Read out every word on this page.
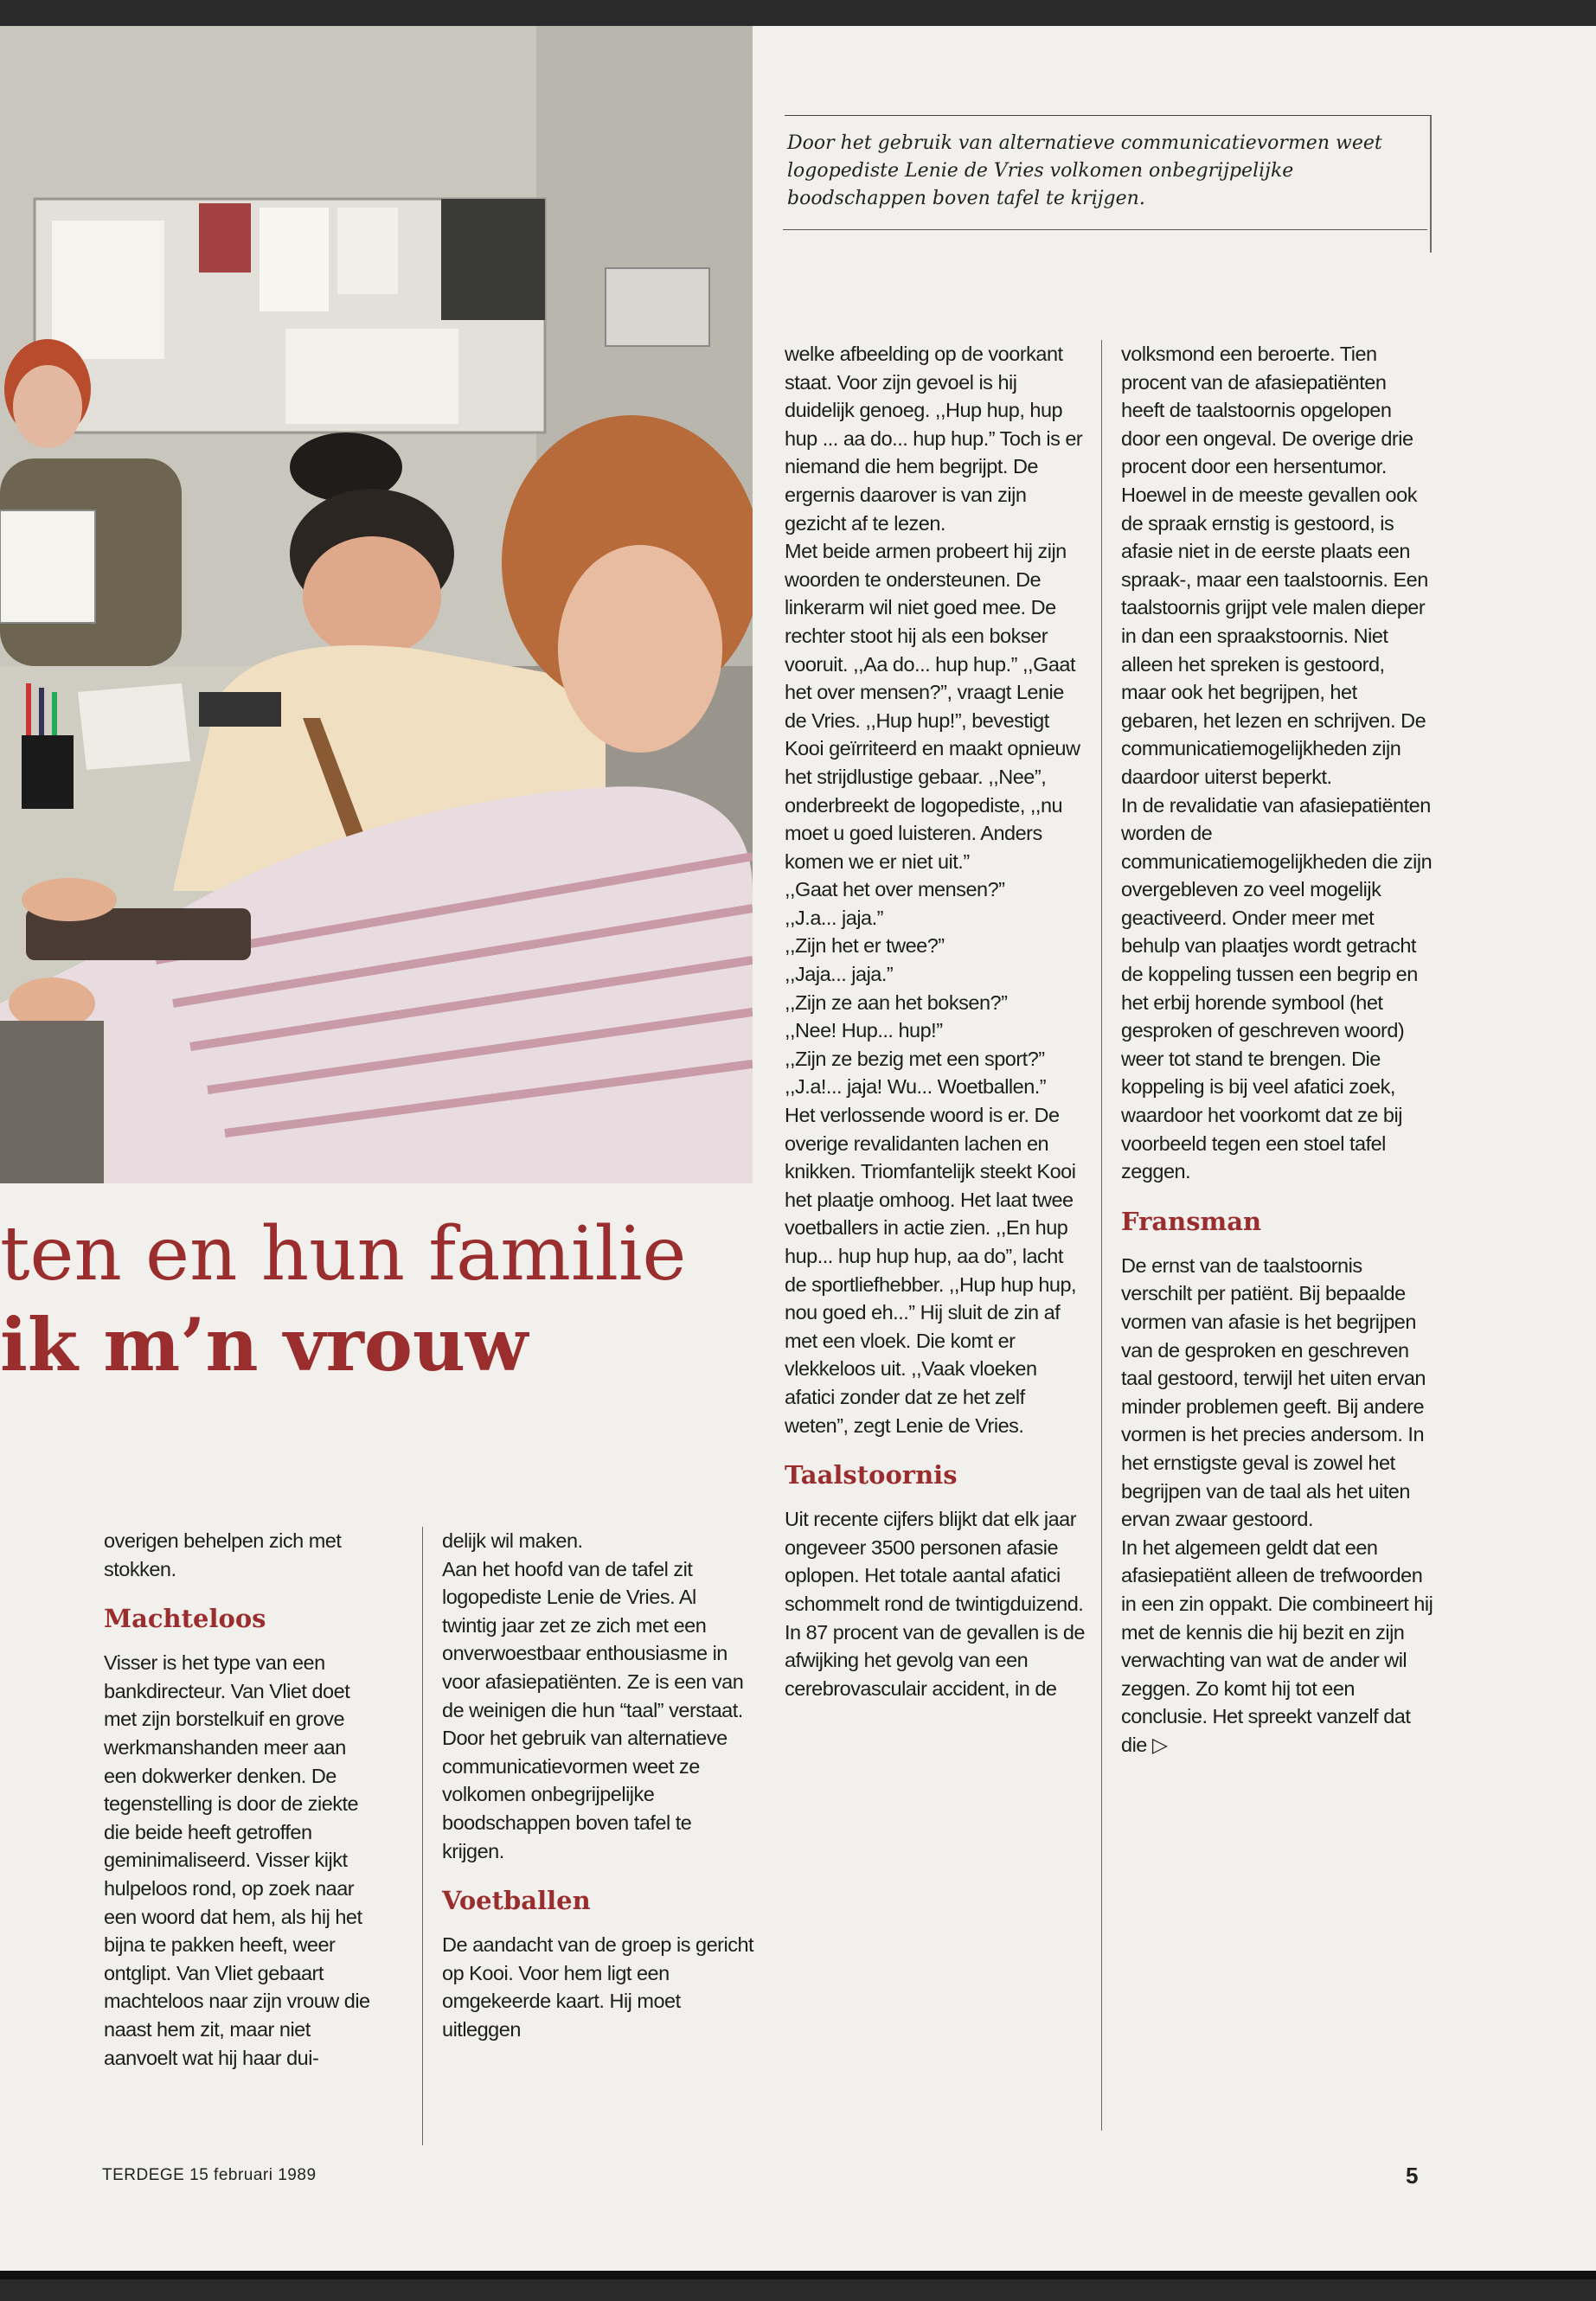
Door het gebruik van alternatieve communicatievormen weet logopediste Lenie de Vries volkomen onbegrijpelijke boodschappen boven tafel te krijgen.

ten en hun familie
ik m’n vrouw

overigen behelpen zich met stokken.

Machteloos

Visser is het type van een bankdirecteur. Van Vliet doet met zijn borstelkuif en grove werkmanshanden meer aan een dokwerker denken. De tegenstelling is door de ziekte die beide heeft getroffen geminimaliseerd. Visser kijkt hulpeloos rond, op zoek naar een woord dat hem, als hij het bijna te pakken heeft, weer ontglipt. Van Vliet gebaart machteloos naar zijn vrouw die naast hem zit, maar niet aanvoelt wat hij haar dui-

delijk wil maken.

Aan het hoofd van de tafel zit logopediste Lenie de Vries. Al twintig jaar zet ze zich met een onverwoestbaar enthousiasme in voor afasiepatiënten. Ze is een van de weinigen die hun “taal” verstaat. Door het gebruik van alternatieve communicatievormen weet ze volkomen onbegrijpelijke boodschappen boven tafel te krijgen.

Voetballen

De aandacht van de groep is gericht op Kooi. Voor hem ligt een omgekeerde kaart. Hij moet uitleggen

welke afbeelding op de voorkant staat. Voor zijn gevoel is hij duidelijk genoeg. ,,Hup hup, hup hup ... aa do... hup hup.” Toch is er niemand die hem begrijpt. De ergernis daarover is van zijn gezicht af te lezen.

Met beide armen probeert hij zijn woorden te ondersteunen. De linkerarm wil niet goed mee. De rechter stoot hij als een bokser vooruit. ,,Aa do... hup hup.” ,,Gaat het over mensen?”, vraagt Lenie de Vries. ,,Hup hup!”, bevestigt Kooi geïrriteerd en maakt opnieuw het strijdlustige gebaar. ,,Nee”, onderbreekt de logopediste, ,,nu moet u goed luisteren. Anders komen we er niet uit.”

,,Gaat het over mensen?”

,,J.a... jaja.”

,,Zijn het er twee?”

,,Jaja... jaja.”

,,Zijn ze aan het boksen?”

,,Nee! Hup... hup!”

,,Zijn ze bezig met een sport?”

,,J.a!... jaja! Wu... Woetballen.”

Het verlossende woord is er. De overige revalidanten lachen en knikken. Triomfantelijk steekt Kooi het plaatje omhoog. Het laat twee voetballers in actie zien. ,,En hup hup... hup hup hup, aa do”, lacht de sportliefhebber. ,,Hup hup hup, nou goed eh...” Hij sluit de zin af met een vloek. Die komt er vlekkeloos uit. ,,Vaak vloeken afatici zonder dat ze het zelf weten”, zegt Lenie de Vries.

Taalstoornis

Uit recente cijfers blijkt dat elk jaar ongeveer 3500 personen afasie oplopen. Het totale aantal afatici schommelt rond de twintigduizend. In 87 procent van de gevallen is de afwijking het gevolg van een cerebrovasculair accident, in de

volksmond een beroerte. Tien procent van de afasiepatiënten heeft de taalstoornis opgelopen door een ongeval. De overige drie procent door een hersentumor.

Hoewel in de meeste gevallen ook de spraak ernstig is gestoord, is afasie niet in de eerste plaats een spraak-, maar een taalstoornis. Een taalstoornis grijpt vele malen dieper in dan een spraakstoornis. Niet alleen het spreken is gestoord, maar ook het begrijpen, het gebaren, het lezen en schrijven. De communicatiemogelijkheden zijn daardoor uiterst beperkt.

In de revalidatie van afasiepatiënten worden de communicatiemogelijkheden die zijn overgebleven zo veel mogelijk geactiveerd. Onder meer met behulp van plaatjes wordt getracht de koppeling tussen een begrip en het erbij horende symbool (het gesproken of geschreven woord) weer tot stand te brengen. Die koppeling is bij veel afatici zoek, waardoor het voorkomt dat ze bij voorbeeld tegen een stoel tafel zeggen.

Fransman

De ernst van de taalstoornis verschilt per patiënt. Bij bepaalde vormen van afasie is het begrijpen van de gesproken en geschreven taal gestoord, terwijl het uiten ervan minder problemen geeft. Bij andere vormen is het precies andersom. In het ernstigste geval is zowel het begrijpen van de taal als het uiten ervan zwaar gestoord.

In het algemeen geldt dat een afasiepatiënt alleen de trefwoorden in een zin oppakt. Die combineert hij met de kennis die hij bezit en zijn verwachting van wat de ander wil zeggen. Zo komt hij tot een conclusie. Het spreekt vanzelf dat die ▷

TERDEGE 15 februari 1989	5
